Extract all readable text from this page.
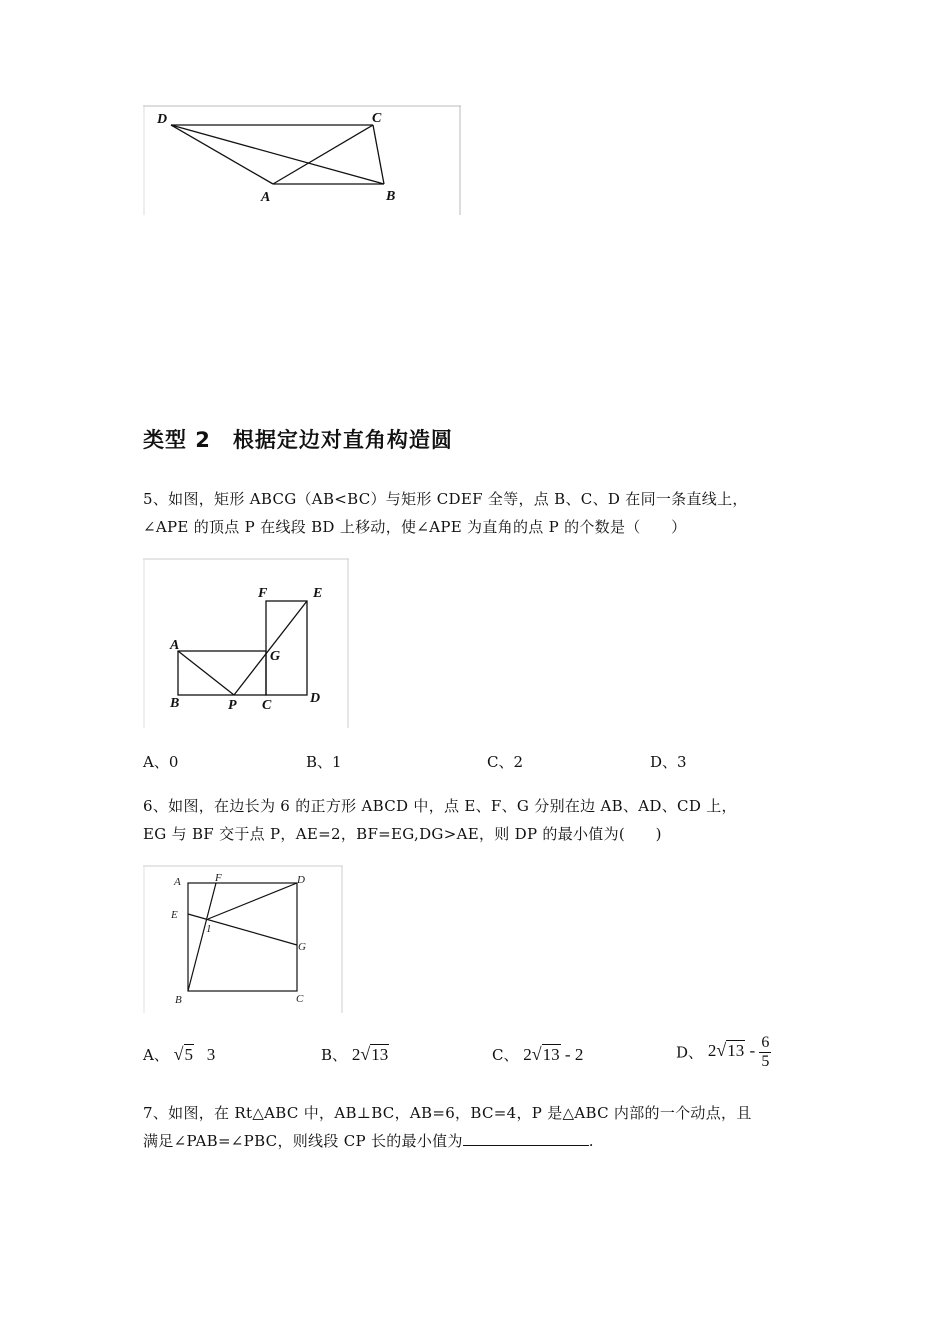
D	C
A	B
类型 2　根据定边对直角构造圆
5、如图，矩形 ABCG（AB<BC）与矩形 CDEF 全等，点 B、C、D 在同一条直线上，
∠APE 的顶点 P 在线段 BD 上移动，使∠APE 为直角的点 P 的个数是（　　）
F	E
A
G
B	P C	D
A、0	B、1	C、2	D、3
6、如图，在边长为 6 的正方形 ABCD 中，点 E、F、G 分别在边 AB、AD、CD 上，
EG 与 BF 交于点 P，AE=2，BF=EG,DG>AE，则 DP 的最小值为(　　)
A	F	D
E
1
G
B	C
A、 √5 3	B、 2√13	C、 2√13 - 2	D、 $2√13 - \frac{6}{5}$
7、如图，在 Rt△ABC 中，AB⊥BC，AB=6，BC=4，P 是△ABC 内部的一个动点，且
满足∠PAB=∠PBC，则线段 CP 长的最小值为	.
